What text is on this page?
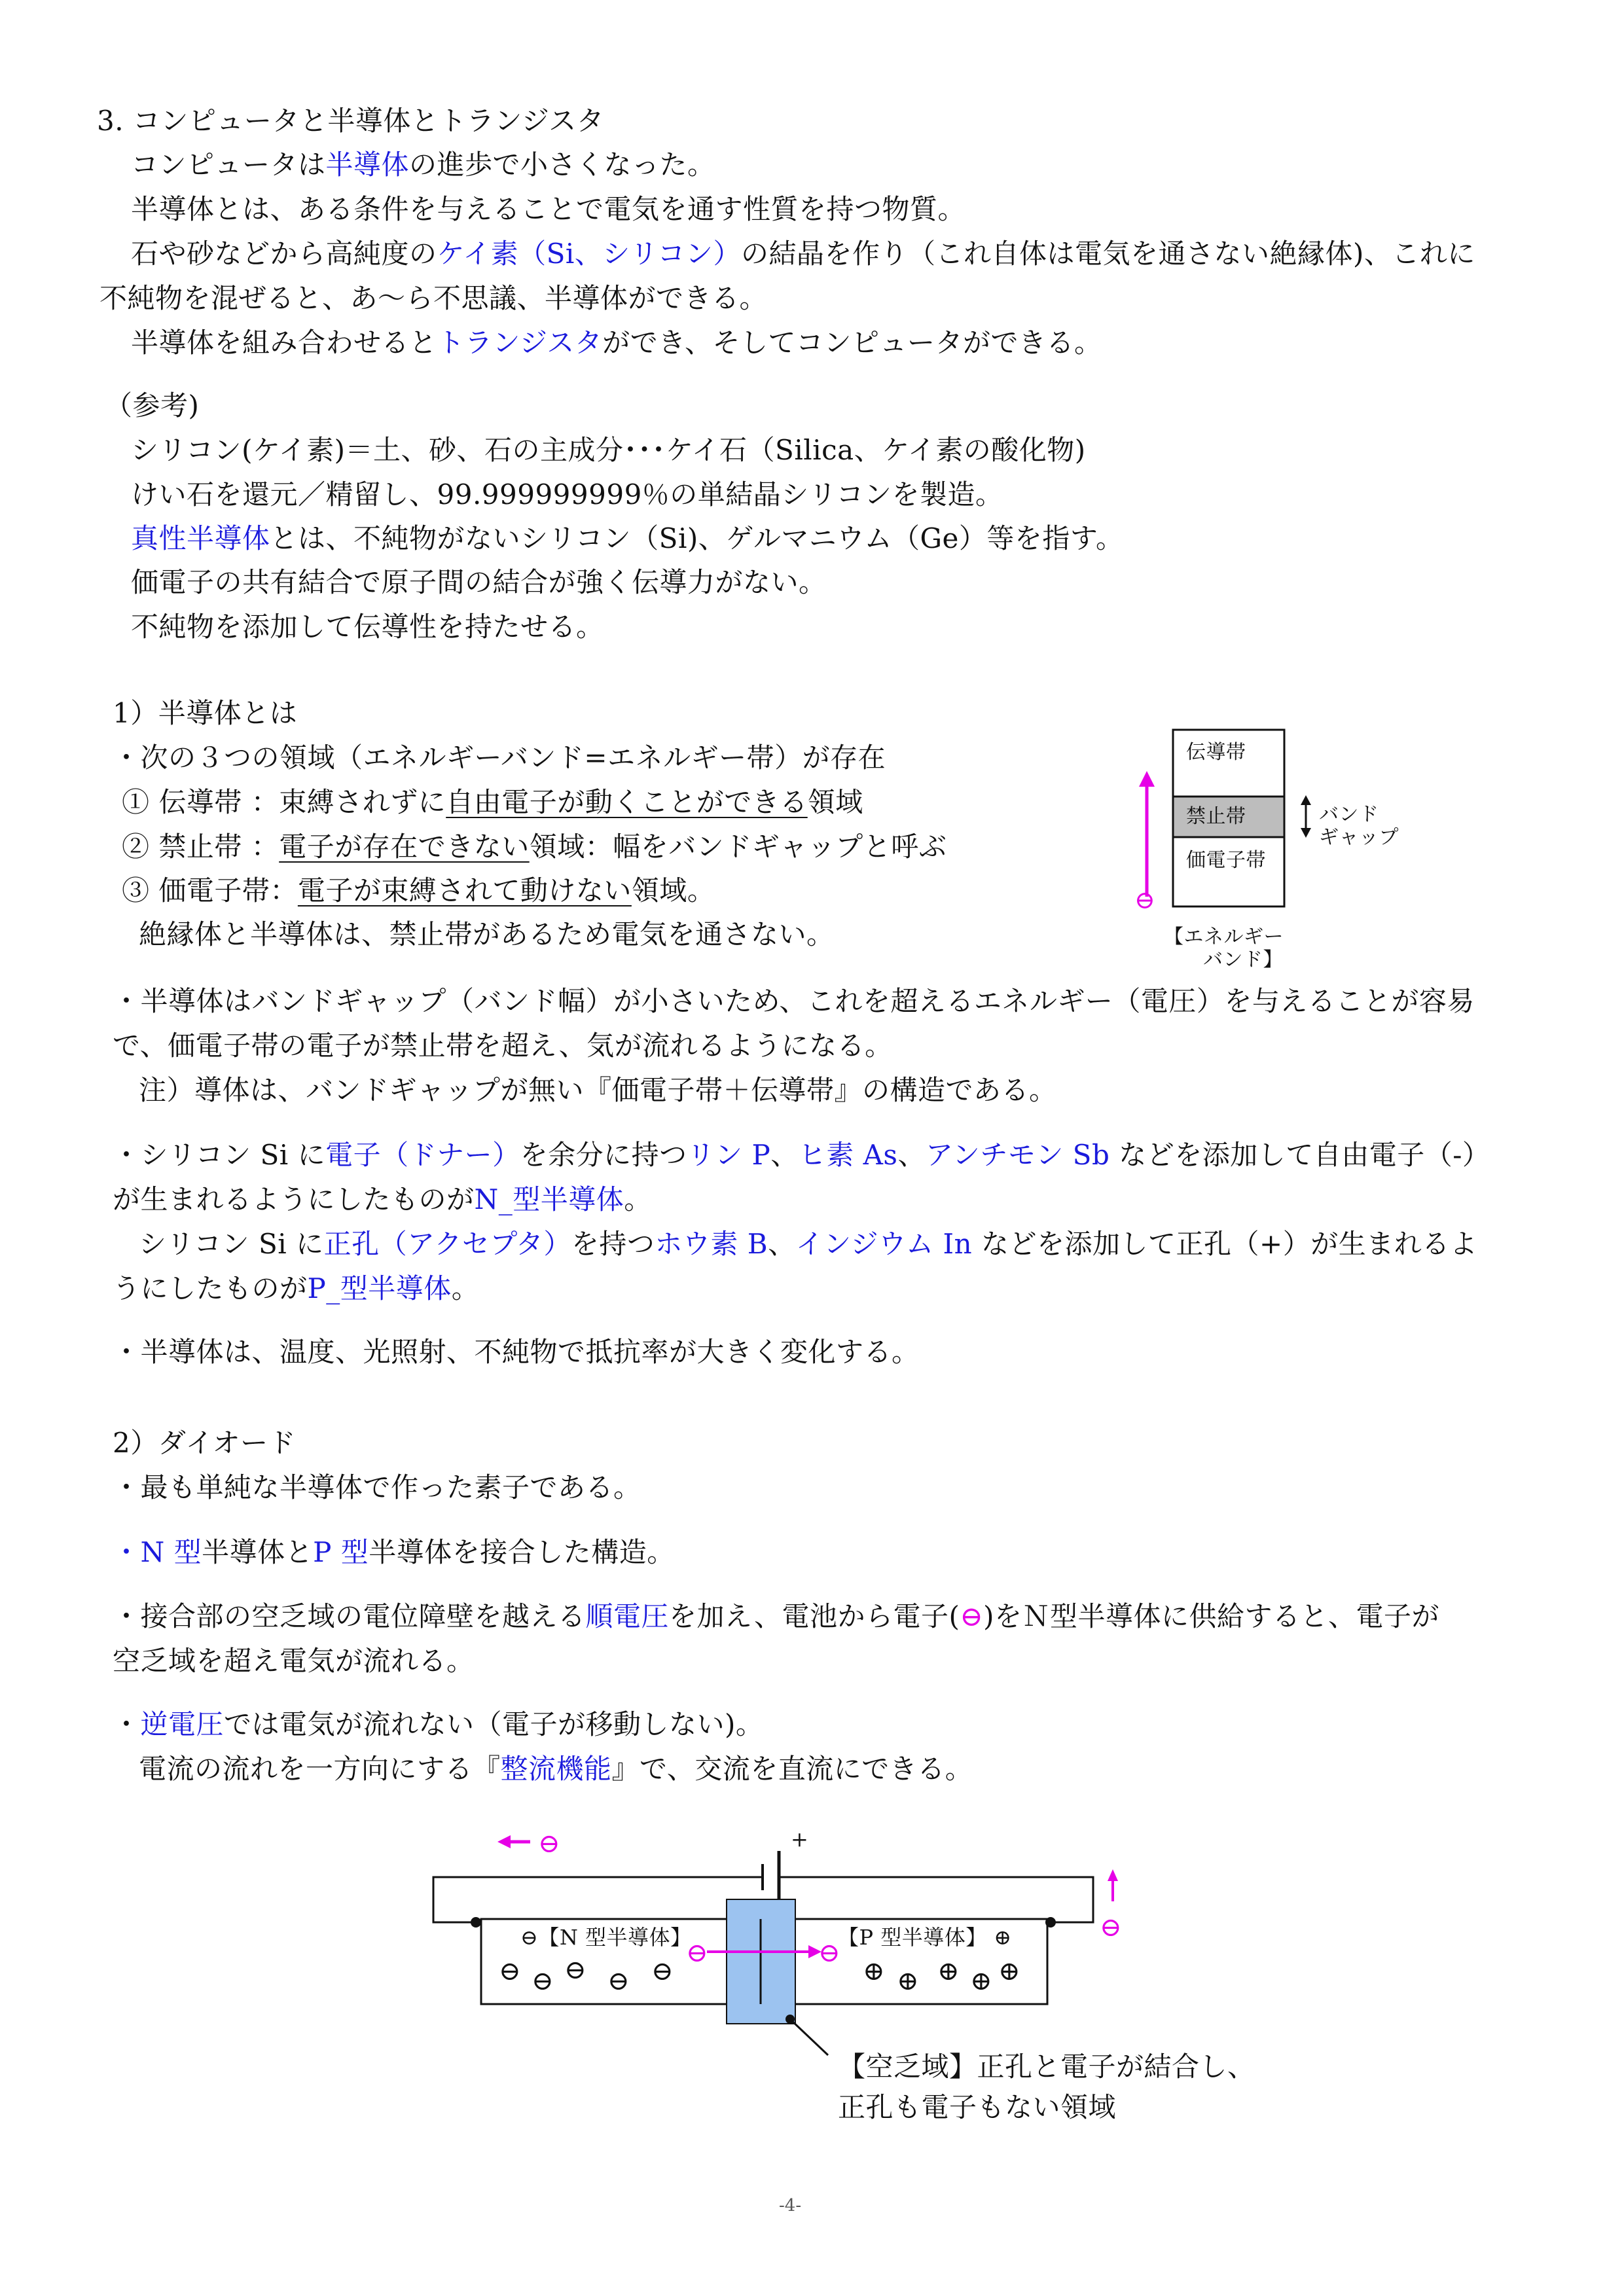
3. コンピュータと半導体とトランジスタ
コンピュータは半導体の進歩で小さくなった。
半導体とは、ある条件を与えることで電気を通す性質を持つ物質。
石や砂などから高純度のケイ素（Si、シリコン）の結晶を作り（これ自体は電気を通さない絶縁体)、これに
不純物を混ぜると、あ～ら不思議、半導体ができる。
半導体を組み合わせるとトランジスタができ、そしてコンピュータができる。
（参考)
シリコン(ケイ素)＝土、砂、石の主成分･･･ケイ石（Silica、ケイ素の酸化物)
けい石を還元／精留し、99.999999999％の単結晶シリコンを製造。
真性半導体とは、不純物がないシリコン（Si)、ゲルマニウム（Ge）等を指す。
価電子の共有結合で原子間の結合が強く伝導力がない。
不純物を添加して伝導性を持たせる。
1）半導体とは
・次の３つの領域（エネルギーバンド=エネルギー帯）が存在
① 伝導帯 ：束縛されずに自由電子が動くことができる領域
② 禁止帯 ：電子が存在できない領域：幅をバンドギャップと呼ぶ
③ 価電子帯：電子が束縛されて動けない領域。
絶縁体と半導体は、禁止帯があるため電気を通さない。
・半導体はバンドギャップ（バンド幅）が小さいため、これを超えるエネルギー（電圧）を与えることが容易
で、価電子帯の電子が禁止帯を超え、気が流れるようになる。
注）導体は、バンドギャップが無い『価電子帯＋伝導帯』の構造である。
・シリコン Si に電子（ドナー）を余分に持つリン P、ヒ素 As、アンチモン Sb などを添加して自由電子（-）
が生まれるようにしたものがN_型半導体。
シリコン Si に正孔（アクセプタ）を持つホウ素 B、インジウム In などを添加して正孔（+）が生まれるよ
うにしたものがP_型半導体。
・半導体は、温度、光照射、不純物で抵抗率が大きく変化する。
伝導帯
禁止帯
価電子帯
バンド
ギャップ
⊖
【エネルギー
バンド】
2）ダイオード
・最も単純な半導体で作った素子である。
・N 型半導体とP 型半導体を接合した構造。
・接合部の空乏域の電位障壁を越える順電圧を加え、電池から電子(⊖)をＮ型半導体に供給すると、電子が
空乏域を超え電気が流れる。
・逆電圧では電気が流れない（電子が移動しない)。
電流の流れを一方向にする『整流機能』で、交流を直流にできる。
⊖	+
⊖
⊖【N 型半導体】	【P 型半導体】 ⊕
⊖ ⊖ ⊖ ⊖ ⊖
⊖	⊖
⊕ ⊕ ⊕ ⊕ ⊕
【空乏域】正孔と電子が結合し、
正孔も電子もない領域
-4-
